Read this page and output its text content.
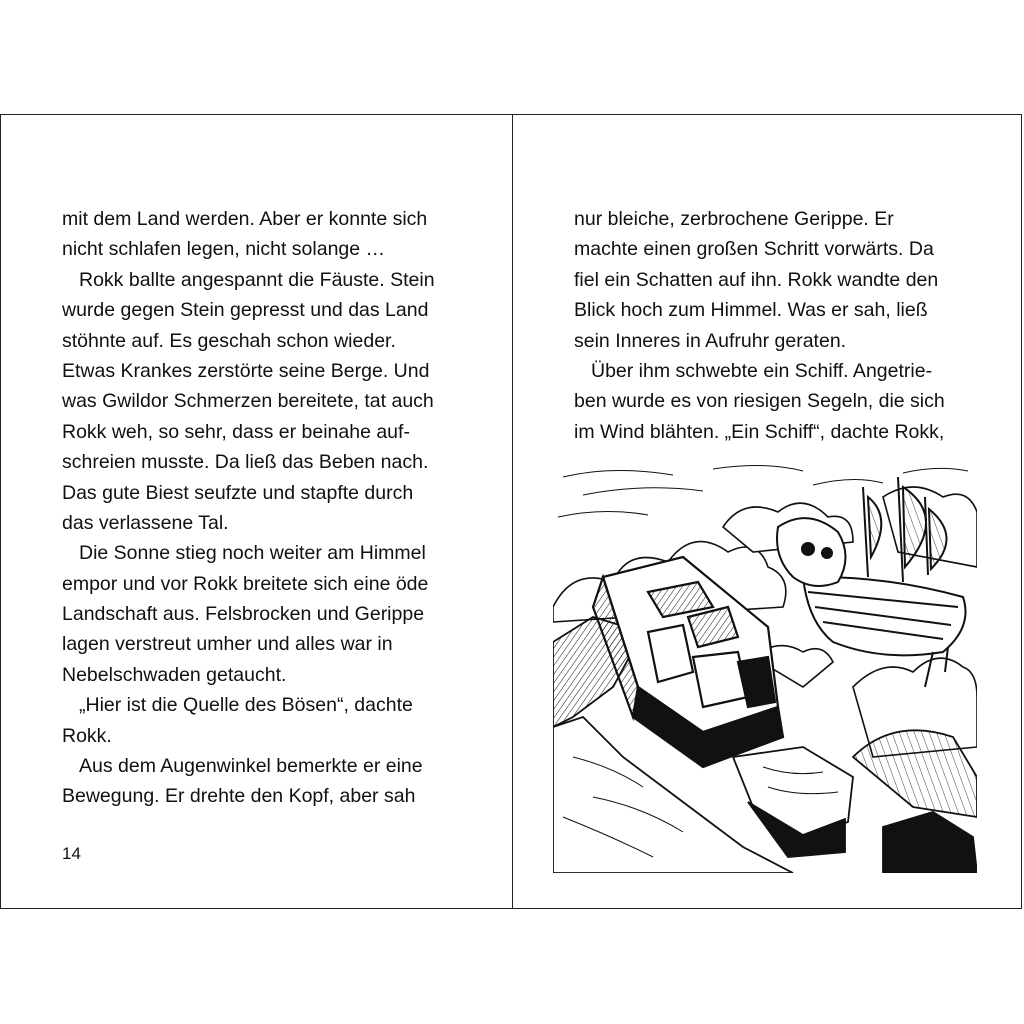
mit dem Land werden. Aber er konnte sich
nicht schlafen legen, nicht solange …
Rokk ballte angespannt die Fäuste. Stein
wurde gegen Stein gepresst und das Land
stöhnte auf. Es geschah schon wieder.
Etwas Krankes zerstörte seine Berge. Und
was Gwildor Schmerzen bereitete, tat auch
Rokk weh, so sehr, dass er beinahe auf-
schreien musste. Da ließ das Beben nach.
Das gute Biest seufzte und stapfte durch
das verlassene Tal.
Die Sonne stieg noch weiter am Himmel
empor und vor Rokk breitete sich eine öde
Landschaft aus. Felsbrocken und Gerippe
lagen verstreut umher und alles war in
Nebelschwaden getaucht.
„Hier ist die Quelle des Bösen“, dachte
Rokk.
Aus dem Augenwinkel bemerkte er eine
Bewegung. Er drehte den Kopf, aber sah
14
nur bleiche, zerbrochene Gerippe. Er
machte einen großen Schritt vorwärts. Da
fiel ein Schatten auf ihn. Rokk wandte den
Blick hoch zum Himmel. Was er sah, ließ
sein Inneres in Aufruhr geraten.
Über ihm schwebte ein Schiff. Angetrie-
ben wurde es von riesigen Segeln, die sich
im Wind blähten. „Ein Schiff“, dachte Rokk,
